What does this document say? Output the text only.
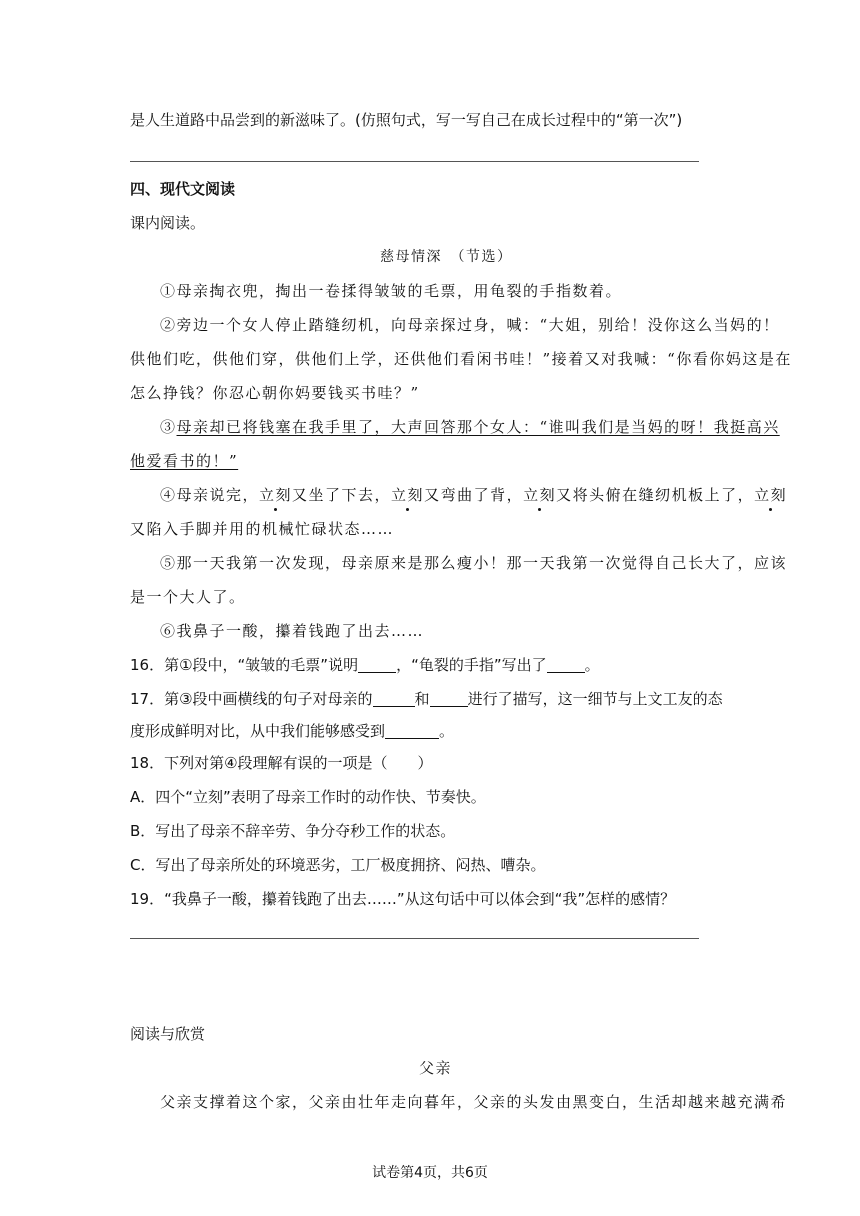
是人生道路中品尝到的新滋味了。(仿照句式，写一写自己在成长过程中的“第一次”)
四、现代文阅读
课内阅读。
慈母情深　（节选）
①母亲掏衣兜，掏出一卷揉得皱皱的毛票，用龟裂的手指数着。
②旁边一个女人停止踏缝纫机，向母亲探过身，喊：“大姐，别给！没你这么当妈的！
供他们吃，供他们穿，供他们上学，还供他们看闲书哇！”接着又对我喊：“你看你妈这是在
怎么挣钱？你忍心朝你妈要钱买书哇？”
③母亲却已将钱塞在我手里了，大声回答那个女人：“谁叫我们是当妈的呀！我挺高兴
他爱看书的！”
④母亲说完，立刻又坐了下去，立刻又弯曲了背，立刻又将头俯在缝纫机板上了，立刻
又陷入手脚并用的机械忙碌状态……
⑤那一天我第一次发现，母亲原来是那么瘦小！那一天我第一次觉得自己长大了，应该
是一个大人了。
⑥我鼻子一酸，攥着钱跑了出去……
16．第①段中，“皱皱的毛票”说明	，“龟裂的手指”写出了	。
17．第③段中画横线的句子对母亲的	和	进行了描写，这一细节与上文工友的态
度形成鲜明对比，从中我们能够感受到	。
18．下列对第④段理解有误的一项是（　　）
A．四个“立刻”表明了母亲工作时的动作快、节奏快。
B．写出了母亲不辞辛劳、争分夺秒工作的状态。
C．写出了母亲所处的环境恶劣，工厂极度拥挤、闷热、嘈杂。
19．“我鼻子一酸，攥着钱跑了出去……”从这句话中可以体会到“我”怎样的感情？
阅读与欣赏
父亲
父亲支撑着这个家，父亲由壮年走向暮年，父亲的头发由黑变白，生活却越来越充满希
试卷第4页，共6页
